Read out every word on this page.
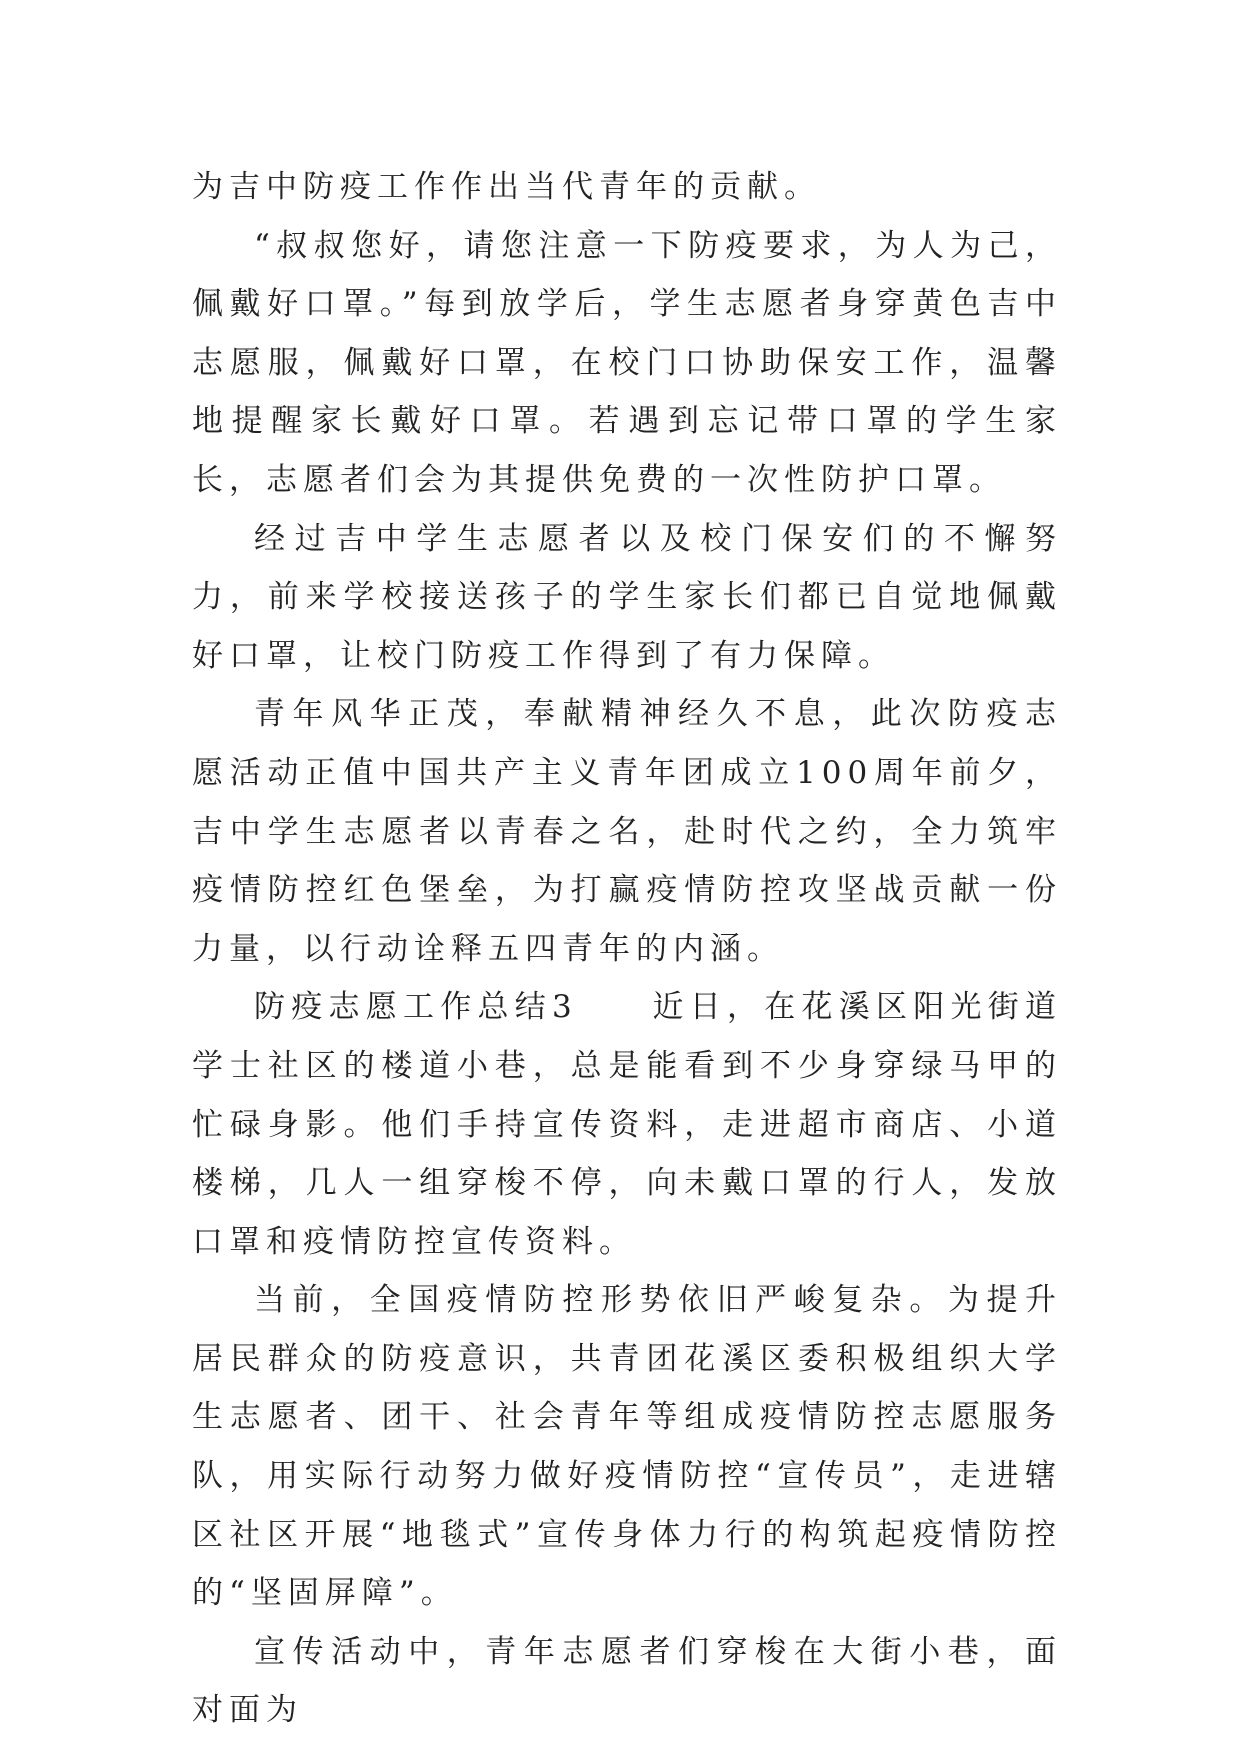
为吉中防疫工作作出当代青年的贡献。

“叔叔您好，请您注意一下防疫要求，为人为己，佩戴好口罩。”每到放学后，学生志愿者身穿黄色吉中志愿服，佩戴好口罩，在校门口协助保安工作，温馨地提醒家长戴好口罩。若遇到忘记带口罩的学生家长，志愿者们会为其提供免费的一次性防护口罩。

经过吉中学生志愿者以及校门保安们的不懈努力，前来学校接送孩子的学生家长们都已自觉地佩戴好口罩，让校门防疫工作得到了有力保障。

青年风华正茂，奉献精神经久不息，此次防疫志愿活动正值中国共产主义青年团成立100周年前夕，吉中学生志愿者以青春之名，赴时代之约，全力筑牢疫情防控红色堡垒，为打赢疫情防控攻坚战贡献一份力量，以行动诠释五四青年的内涵。

防疫志愿工作总结3　　近日，在花溪区阳光街道学士社区的楼道小巷，总是能看到不少身穿绿马甲的忙碌身影。他们手持宣传资料，走进超市商店、小道楼梯，几人一组穿梭不停，向未戴口罩的行人，发放口罩和疫情防控宣传资料。

当前，全国疫情防控形势依旧严峻复杂。为提升居民群众的防疫意识，共青团花溪区委积极组织大学生志愿者、团干、社会青年等组成疫情防控志愿服务队，用实际行动努力做好疫情防控“宣传员”，走进辖区社区开展“地毯式”宣传身体力行的构筑起疫情防控的“坚固屏障”。

宣传活动中，青年志愿者们穿梭在大街小巷，面对面为
